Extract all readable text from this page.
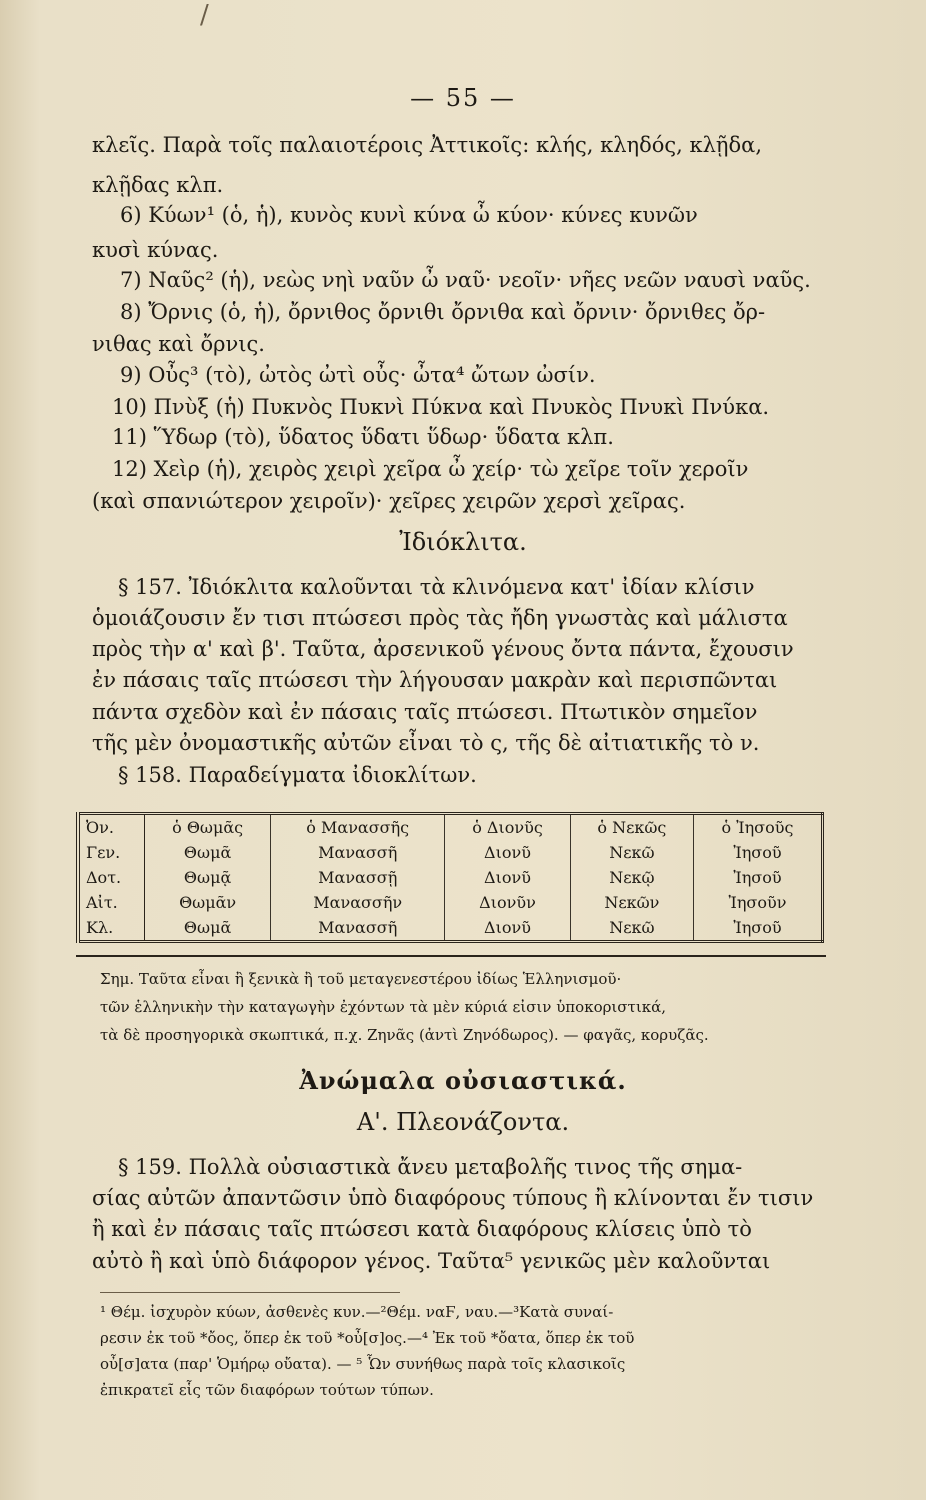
/
— 55 —
κλεῖς. Παρὰ τοῖς παλαιοτέροις Ἀττικοῖς: κλής, κληδός, κλῇδα,
κλῇδας κλπ.
6) Κύων¹ (ὁ, ἡ), κυνὸς κυνὶ κύνα ὦ κύον· κύνες κυνῶν
κυσὶ κύνας.
7) Ναῦς² (ἡ), νεὼς νηὶ ναῦν ὦ ναῦ· νεοῖν· νῆες νεῶν ναυσὶ ναῦς.
8) Ὄρνις (ὁ, ἡ), ὄρνιθος ὄρνιθι ὄρνιθα καὶ ὄρνιν· ὄρνιθες ὄρ-
νιθας καὶ ὄρνις.
9) Οὖς³ (τὸ), ὠτὸς ὠτὶ οὖς· ὦτα⁴ ὤτων ὠσίν.
10) Πνὺξ (ἡ) Πυκνὸς Πυκνὶ Πύκνα καὶ Πνυκὸς Πνυκὶ Πνύκα.
11) Ὕδωρ (τὸ), ὕδατος ὕδατι ὕδωρ· ὕδατα κλπ.
12) Χεὶρ (ἡ), χειρὸς χειρὶ χεῖρα ὦ χείρ· τὼ χεῖρε τοῖν χεροῖν
(καὶ σπανιώτερον χειροῖν)· χεῖρες χειρῶν χερσὶ χεῖρας.
Ἰδιόκλιτα.
§ 157. Ἰδιόκλιτα καλοῦνται τὰ κλινόμενα κατ' ἰδίαν κλίσιν
ὁμοιάζουσιν ἔν τισι πτώσεσι πρὸς τὰς ἤδη γνωστὰς καὶ μάλιστα
πρὸς τὴν α' καὶ β'. Ταῦτα, ἀρσενικοῦ γένους ὄντα πάντα, ἔχουσιν
ἐν πάσαις ταῖς πτώσεσι τὴν λήγουσαν μακρὰν καὶ περισπῶνται
πάντα σχεδὸν καὶ ἐν πάσαις ταῖς πτώσεσι. Πτωτικὸν σημεῖον
τῆς μὲν ὀνομαστικῆς αὐτῶν εἶναι τὸ ς, τῆς δὲ αἰτιατικῆς τὸ ν.
§ 158. Παραδείγματα ἰδιοκλίτων.
Ὀν.	ὁ Θωμᾶς	ὁ Μανασσῆς	ὁ Διονῦς	ὁ Νεκῶς	ὁ Ἰησοῦς
Γεν.	Θωμᾶ	Μανασσῆ	Διονῦ	Νεκῶ	Ἰησοῦ
Δοτ.	Θωμᾷ	Μανασσῇ	Διονῦ	Νεκῷ	Ἰησοῦ
Αἰτ.	Θωμᾶν	Μανασσῆν	Διονῦν	Νεκῶν	Ἰησοῦν
Κλ.	Θωμᾶ	Μανασσῆ	Διονῦ	Νεκῶ	Ἰησοῦ
Σημ. Ταῦτα εἶναι ἢ ξενικὰ ἢ τοῦ μεταγενεστέρου ἰδίως Ἑλληνισμοῦ·
τῶν ἑλληνικὴν τὴν καταγωγὴν ἐχόντων τὰ μὲν κύριά εἰσιν ὑποκοριστικά,
τὰ δὲ προσηγορικὰ σκωπτικά, π.χ. Ζηνᾶς (ἀντὶ Ζηνόδωρος). — φαγᾶς, κορυζᾶς.
Ἀνώμαλα οὐσιαστικά.
Α'. Πλεονάζοντα.
§ 159. Πολλὰ οὐσιαστικὰ ἄνευ μεταβολῆς τινος τῆς σημα-
σίας αὐτῶν ἀπαντῶσιν ὑπὸ διαφόρους τύπους ἢ κλίνονται ἔν τισιν
ἢ καὶ ἐν πάσαις ταῖς πτώσεσι κατὰ διαφόρους κλίσεις ὑπὸ τὸ
αὐτὸ ἢ καὶ ὑπὸ διάφορον γένος. Ταῦτα⁵ γενικῶς μὲν καλοῦνται
¹ Θέμ. ἰσχυρὸν κύων, ἀσθενὲς κυν.—²Θέμ. ναϜ, ναυ.—³Κατὰ συναί-
ρεσιν ἐκ τοῦ *ὄος, ὅπερ ἐκ τοῦ *οὖ[σ]ος.—⁴ Ἐκ τοῦ *ὄατα, ὅπερ ἐκ τοῦ
οὖ[σ]ατα (παρ' Ὁμήρῳ οὔατα). — ⁵ Ὧν συνήθως παρὰ τοῖς κλασικοῖς
ἐπικρατεῖ εἷς τῶν διαφόρων τούτων τύπων.
